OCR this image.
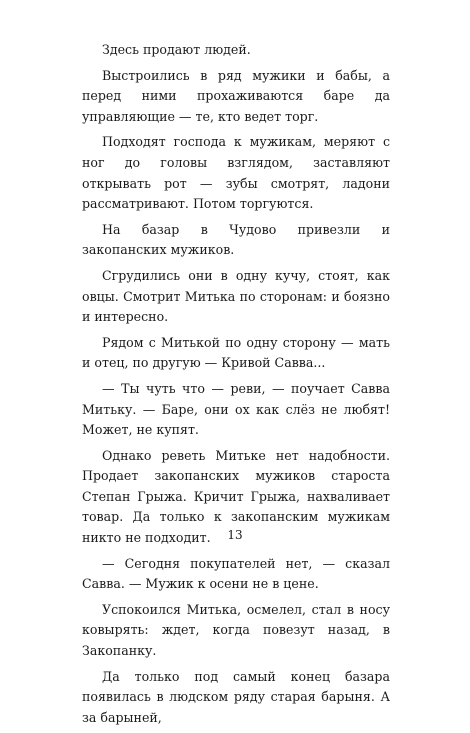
Здесь продают людей.

Выстроились в ряд мужики и бабы, а перед ними прохаживаются баре да управляющие — те, кто ведет торг.

Подходят господа к мужикам, меряют с ног до головы взглядом, заставляют открывать рот — зубы смотрят, ладони рассматривают. Потом торгуются.

На базар в Чудово привезли и закопанских мужиков.

Сгрудились они в одну кучу, стоят, как овцы. Смотрит Митька по сторонам: и боязно и интересно.

Рядом с Митькой по одну сторону — мать и отец, по другую — Кривой Савва...

— Ты чуть что — реви, — поучает Савва Митьку. — Баре, они ох как слёз не любят! Может, не купят.

Однако реветь Митьке нет надобности. Продает закопанских мужиков староста Степан Грыжа. Кричит Грыжа, нахваливает товар. Да только к закопанским мужикам никто не подходит.

— Сегодня покупателей нет, — сказал Савва. — Мужик к осени не в цене.

Успокоился Митька, осмелел, стал в носу ковырять: ждет, когда повезут назад, в Закопанку.

Да только под самый конец базара появилась в людском ряду старая барыня. А за барыней,

13
